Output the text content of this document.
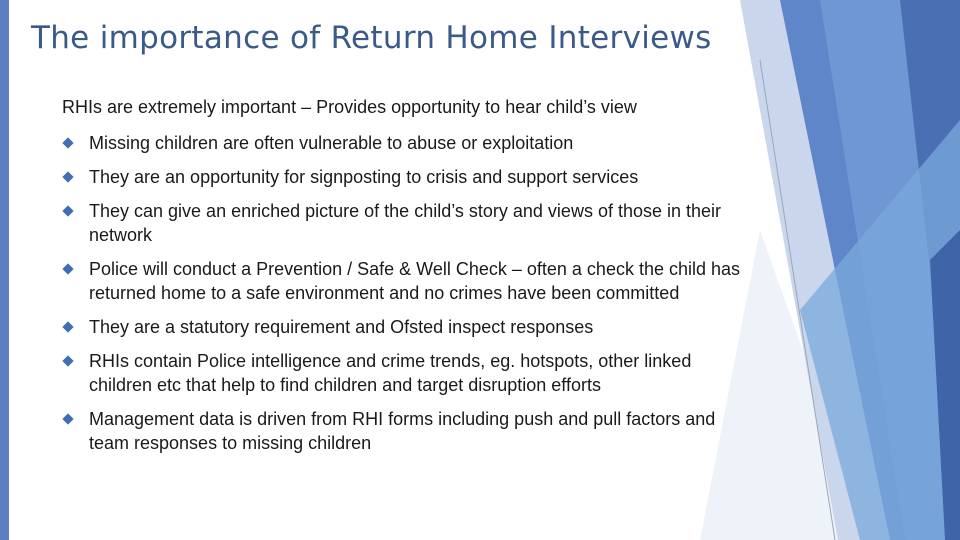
The importance of Return Home Interviews

RHIs are extremely important – Provides opportunity to hear child’s view

Missing children are often vulnerable to abuse or exploitation
They are an opportunity for signposting to crisis and support services
They can give an enriched picture of the child’s story and views of those in their network
Police will conduct a Prevention / Safe & Well Check – often a check the child has returned home to a safe environment and no crimes have been committed
They are a statutory requirement and Ofsted inspect responses
RHIs contain Police intelligence and crime trends, eg. hotspots, other linked children etc that help to find children and target disruption efforts
Management data is driven from RHI forms including push and pull factors and team responses to missing children
